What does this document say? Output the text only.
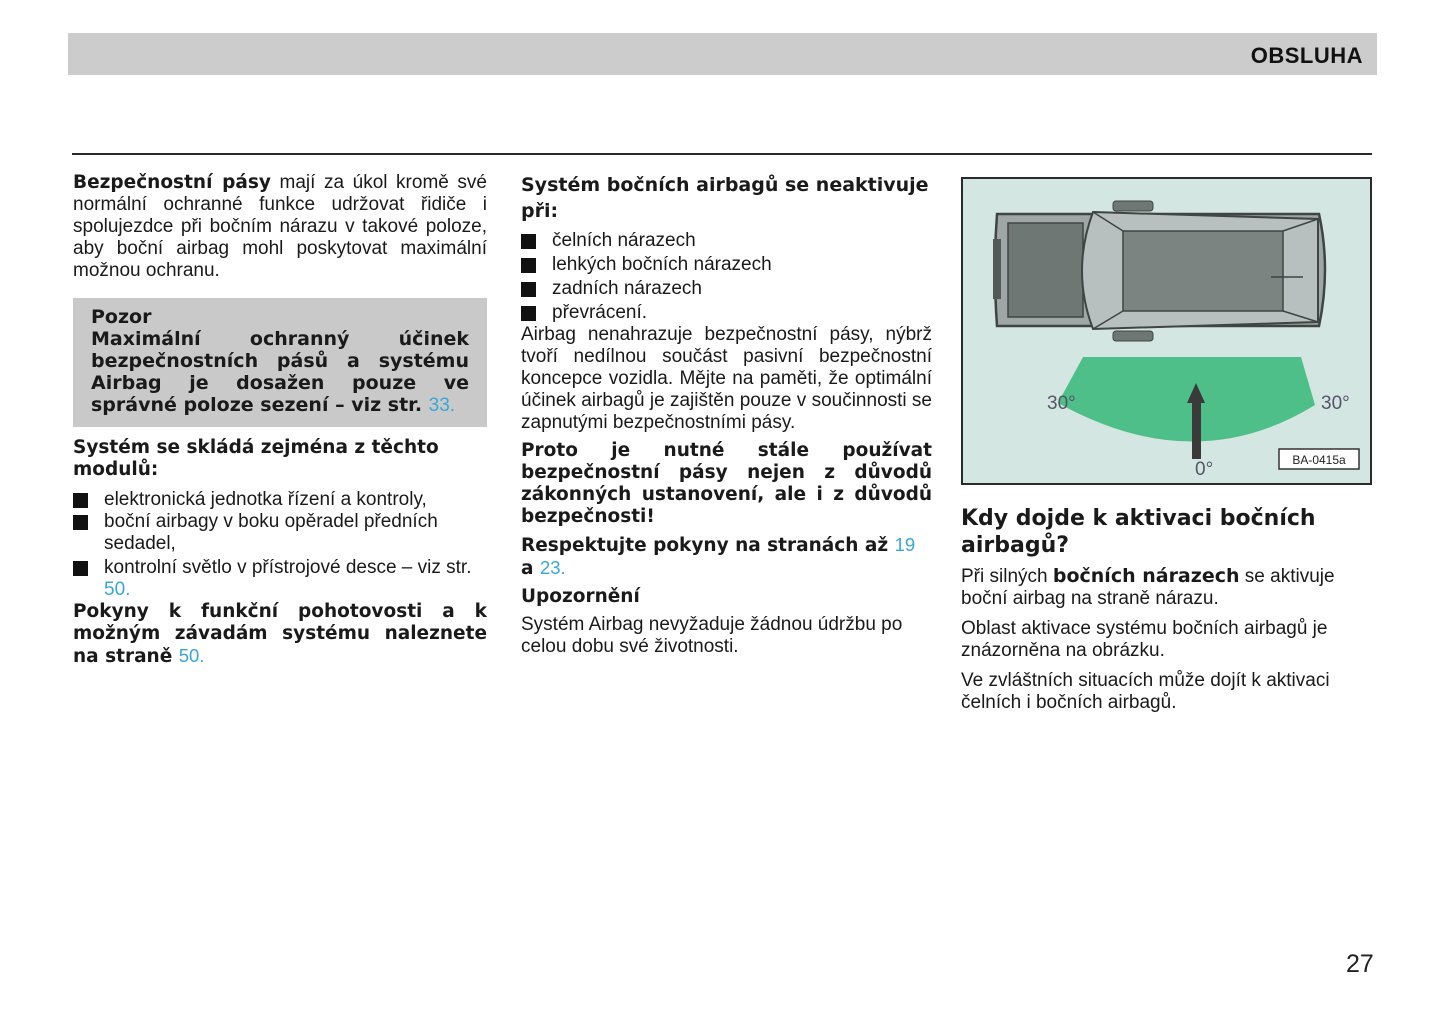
OBSLUHA

Bezpečnostní pásy mají za úkol kromě své normální ochranné funkce udržovat řidiče i spolujezdce při bočním nárazu v takové poloze, aby boční airbag mohl poskytovat maximální možnou ochranu.

Pozor

Maximální ochranný účinek bezpečnostních pásů a systému Airbag je dosažen pouze ve správné poloze sezení – viz str. 33.

Systém se skládá zejména z těchto modulů:

elektronická jednotka řízení a kontroly,
boční airbagy v boku opěradel předních sedadel,
kontrolní světlo v přístrojové desce – viz str. 50.

Pokyny k funkční pohotovosti a k možným závadám systému naleznete na straně 50.

Systém bočních airbagů se neaktivuje při:

čelních nárazech
lehkých bočních nárazech
zadních nárazech
převrácení.

Airbag nenahrazuje bezpečnostní pásy, nýbrž tvoří nedílnou součást pasivní bezpečnostní koncepce vozidla. Mějte na paměti, že optimální účinek airbagů je zajištěn pouze v součinnosti se zapnutými bezpečnostními pásy.

Proto je nutné stále používat bezpečnostní pásy nejen z důvodů zákonných ustanovení, ale i z důvodů bezpečnosti!

Respektujte pokyny na stranách až 19 a 23.

Upozornění

Systém Airbag nevyžaduje žádnou údržbu po celou dobu své životnosti.

30°	30°
0°	BA-0415a

Kdy dojde k aktivaci bočních airbagů?

Při silných bočních nárazech se aktivuje boční airbag na straně nárazu.

Oblast aktivace systému bočních airbagů je znázorněna na obrázku.

Ve zvláštních situacích může dojít k aktivaci čelních i bočních airbagů.

27
